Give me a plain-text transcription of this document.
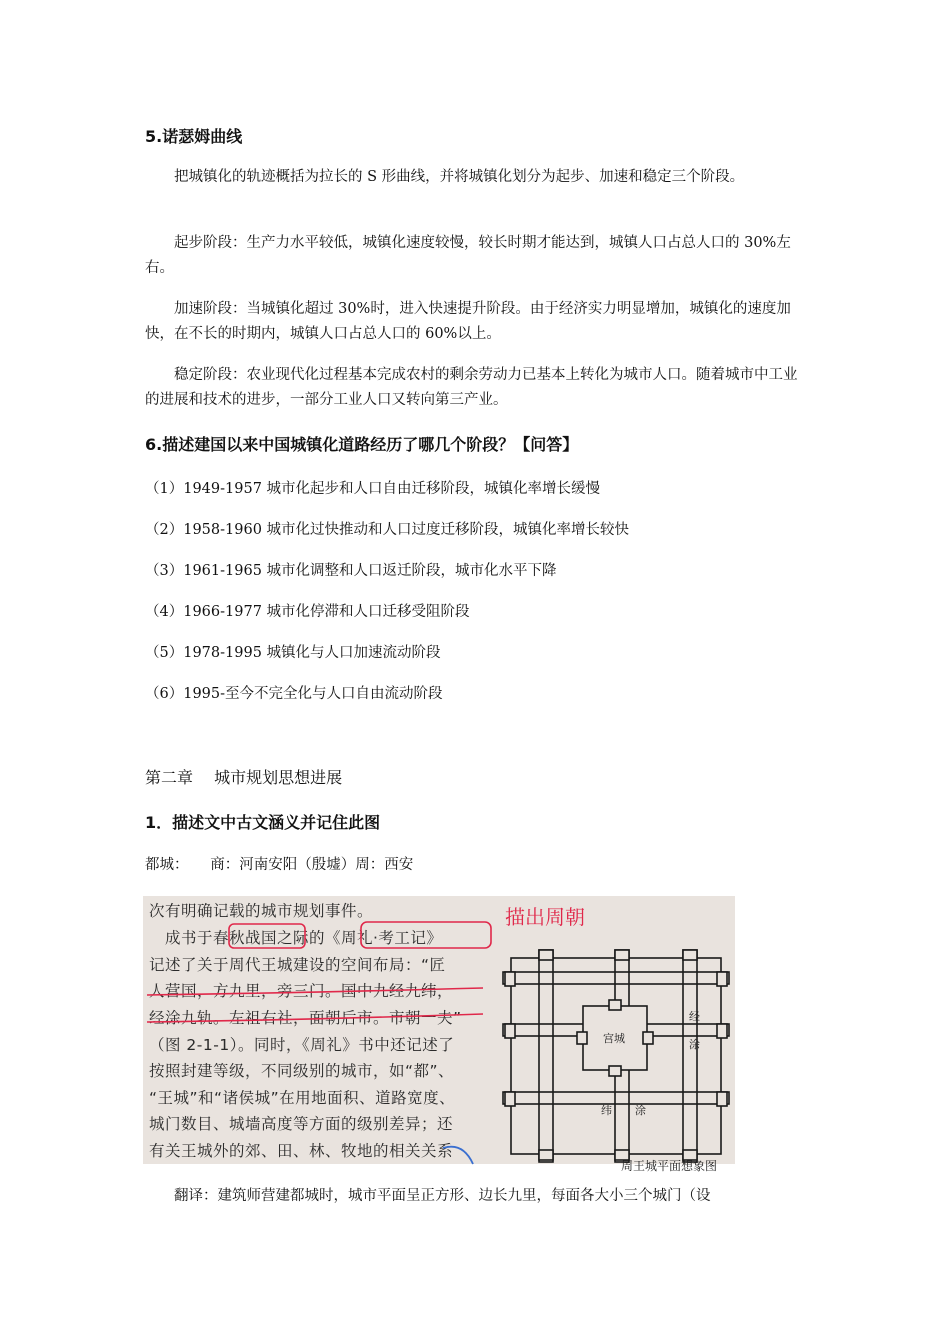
5.诺瑟姆曲线
把城镇化的轨迹概括为拉长的 S 形曲线，并将城镇化划分为起步、加速和稳定三个阶段。
起步阶段：生产力水平较低，城镇化速度较慢，较长时期才能达到，城镇人口占总人口的 30%左右。
加速阶段：当城镇化超过 30%时，进入快速提升阶段。由于经济实力明显增加，城镇化的速度加快，在不长的时期内，城镇人口占总人口的 60%以上。
稳定阶段：农业现代化过程基本完成农村的剩余劳动力已基本上转化为城市人口。随着城市中工业的进展和技术的进步，一部分工业人口又转向第三产业。
6.描述建国以来中国城镇化道路经历了哪几个阶段？【问答】
（1）1949-1957 城市化起步和人口自由迁移阶段，城镇化率增长缓慢
（2）1958-1960 城市化过快推动和人口过度迁移阶段，城镇化率增长较快
（3）1961-1965 城市化调整和人口返迁阶段，城市化水平下降
（4）1966-1977 城市化停滞和人口迁移受阻阶段
（5）1978-1995 城镇化与人口加速流动阶段
（6）1995-至今不完全化与人口自由流动阶段
第二章　 城市规划思想进展
1．描述文中古文涵义并记住此图
都城：　　商：河南安阳（殷墟）周：西安
次有明确记载的城市规划事件。
　成书于春秋战国之际的《周礼·考工记》
记述了关于周代王城建设的空间布局：“匠
人营国，方九里，旁三门。国中九经九纬，
经涂九轨。左祖右社，面朝后市。市朝一夫”
（图 2-1-1）。同时，《周礼》书中还记述了
按照封建等级，不同级别的城市，如“都”、
“王城”和“诸侯城”在用地面积、道路宽度、
城门数目、城墙高度等方面的级别差异；还
有关王城外的郊、田、林、牧地的相关关系
描出周朝
宫城
经
涂
纬 涂
周王城平面想象图
翻译：建筑师营建都城时，城市平面呈正方形、边长九里，每面各大小三个城门（设
